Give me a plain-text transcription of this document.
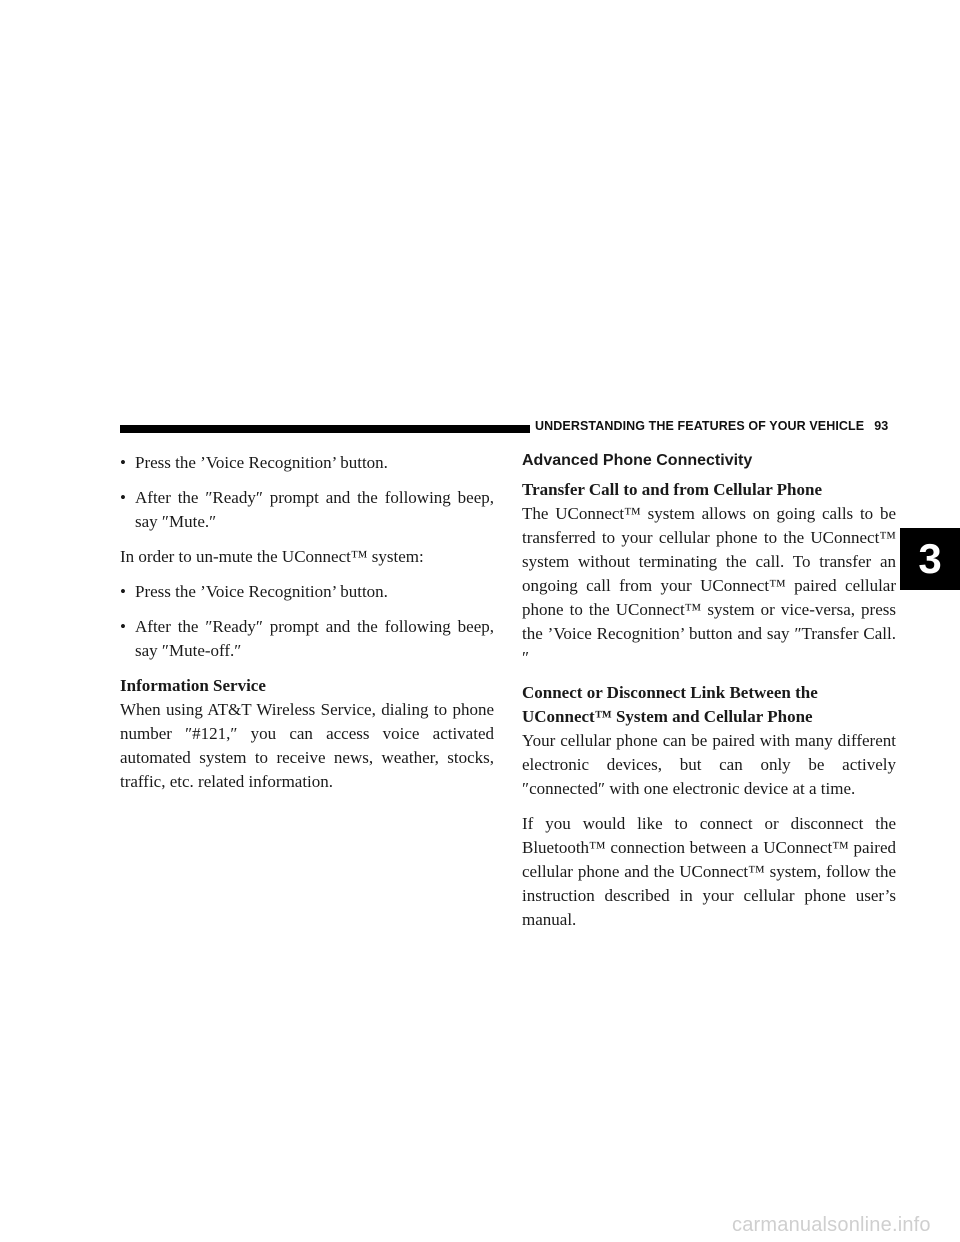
UNDERSTANDING THE FEATURES OF YOUR VEHICLE 93
3
• Press the ’Voice Recognition’ button.
• After the ″Ready″ prompt and the following beep, say ″Mute.″

In order to un-mute the UConnect™ system:

• Press the ’Voice Recognition’ button.
• After the ″Ready″ prompt and the following beep, say ″Mute-off.″
Information Service

When using AT&T Wireless Service, dialing to phone number ″#121,″ you can access voice activated automated system to receive news, weather, stocks, traffic, etc. related information.

Advanced Phone Connectivity
Transfer Call to and from Cellular Phone

The UConnect™ system allows on going calls to be transferred to your cellular phone to the UConnect™ system without terminating the call. To transfer an ongoing call from your UConnect™ paired cellular phone to the UConnect™ system or vice-versa, press the ’Voice Recognition’ button and say ″Transfer Call.″

Connect or Disconnect Link Between the
UConnect™ System and Cellular Phone

Your cellular phone can be paired with many different electronic devices, but can only be actively ″connected″ with one electronic device at a time.

If you would like to connect or disconnect the Bluetooth™ connection between a UConnect™ paired cellular phone and the UConnect™ system, follow the instruction described in your cellular phone user’s manual.

carmanualsonline.info
